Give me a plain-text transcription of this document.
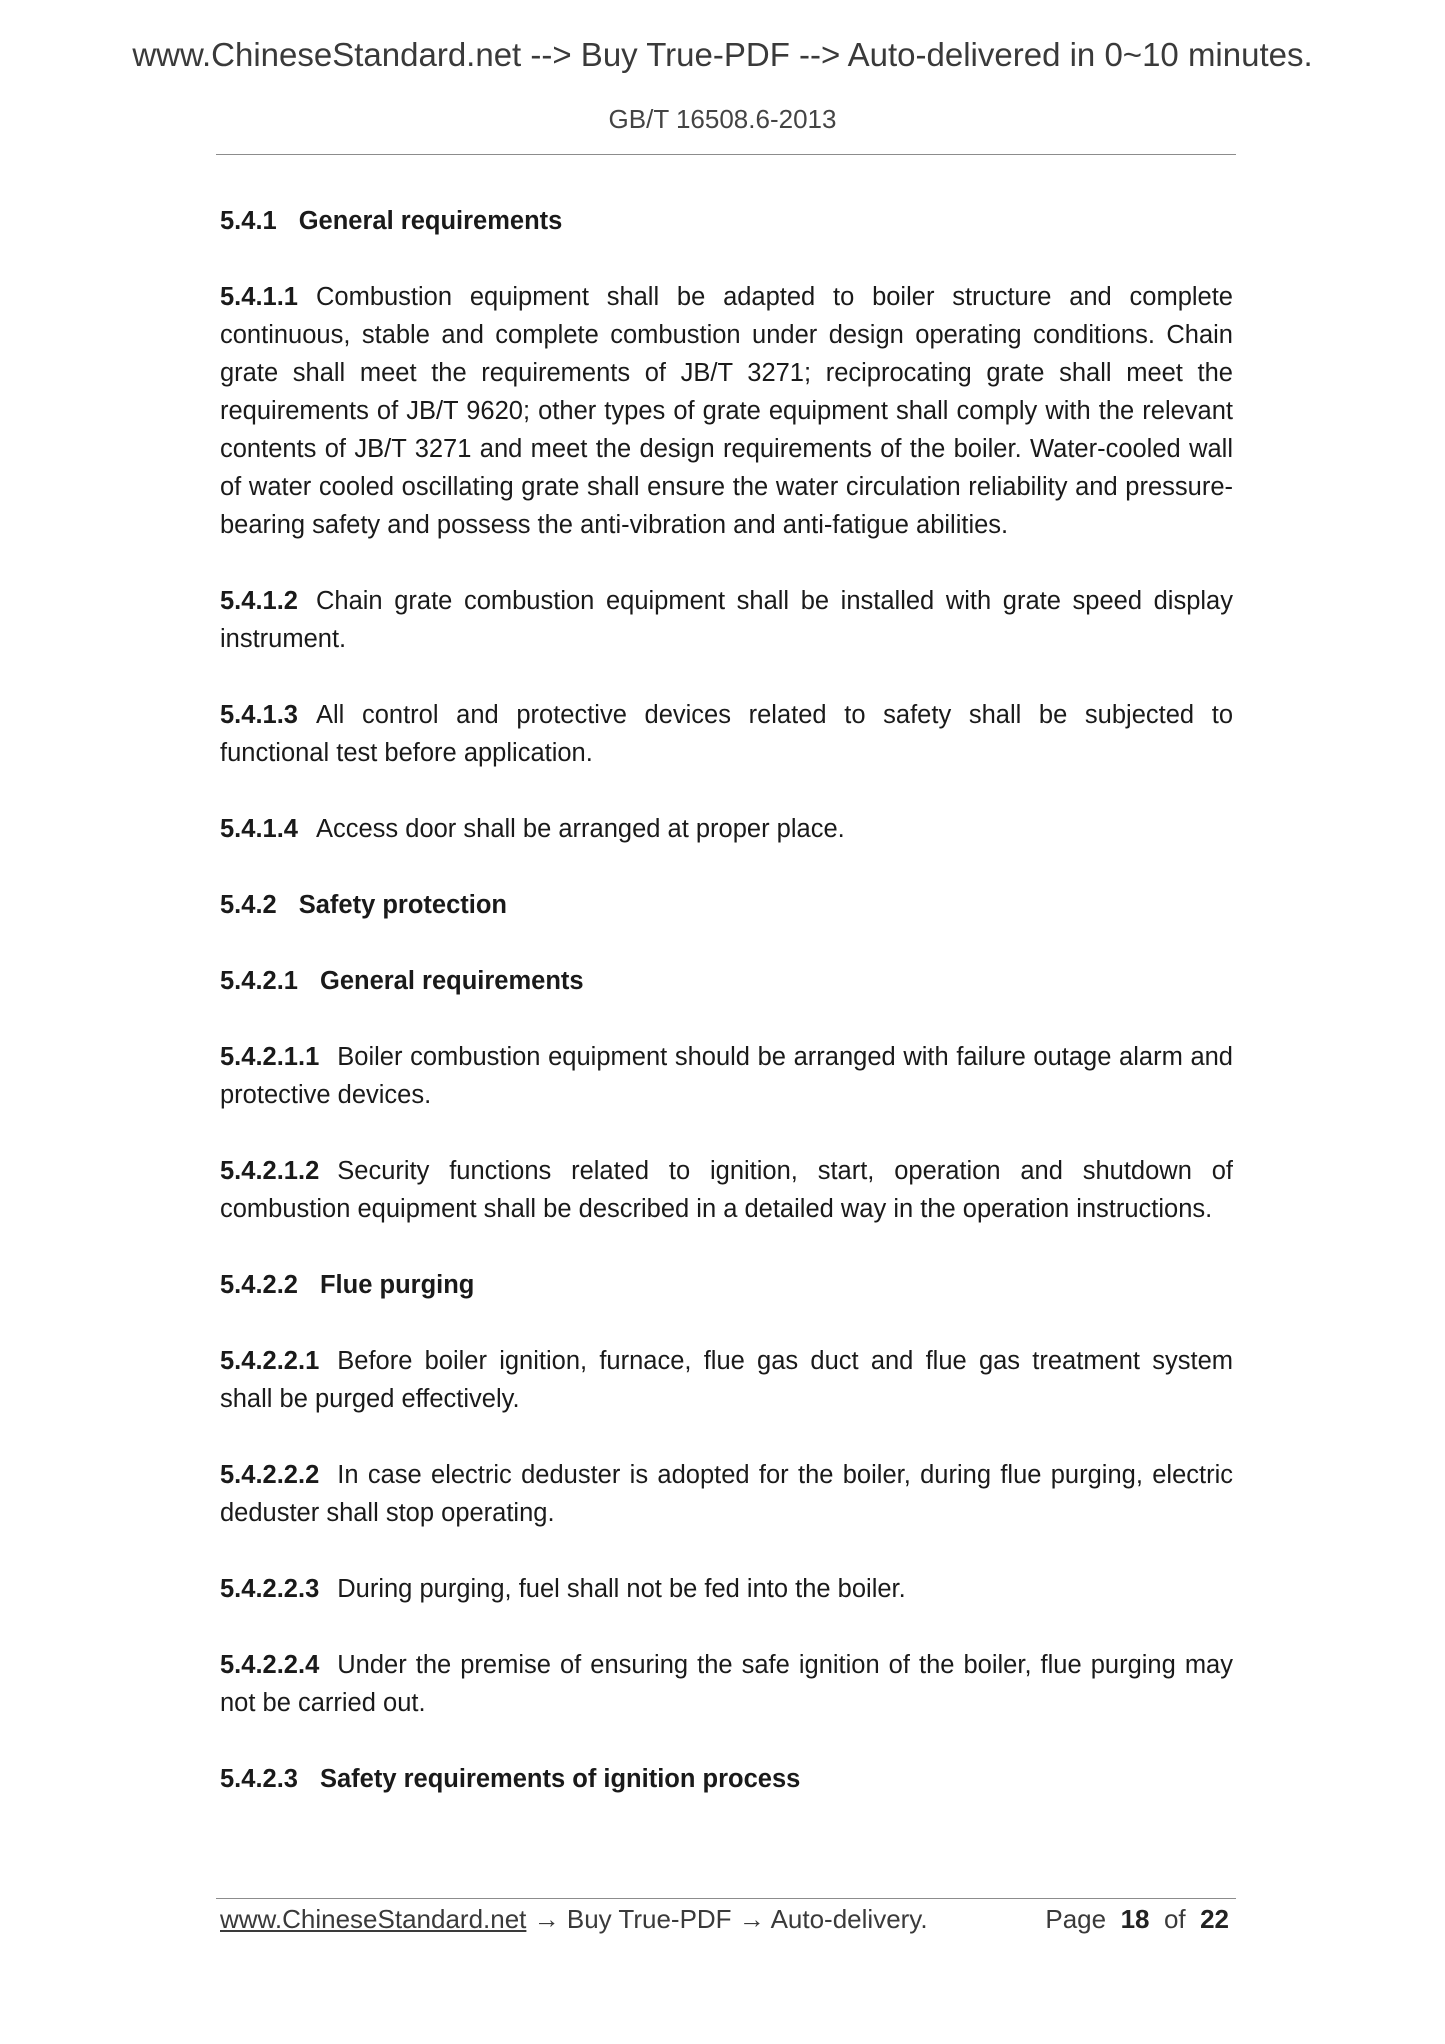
www.ChineseStandard.net --> Buy True-PDF --> Auto-delivered in 0~10 minutes.
GB/T 16508.6-2013

5.4.1 General requirements

5.4.1.1 Combustion equipment shall be adapted to boiler structure and complete continuous, stable and complete combustion under design operating conditions. Chain grate shall meet the requirements of JB/T 3271; reciprocating grate shall meet the requirements of JB/T 9620; other types of grate equipment shall comply with the relevant contents of JB/T 3271 and meet the design requirements of the boiler. Water-cooled wall of water cooled oscillating grate shall ensure the water circulation reliability and pressure-bearing safety and possess the anti-vibration and anti-fatigue abilities.

5.4.1.2 Chain grate combustion equipment shall be installed with grate speed display instrument.

5.4.1.3 All control and protective devices related to safety shall be subjected to functional test before application.

5.4.1.4 Access door shall be arranged at proper place.

5.4.2 Safety protection

5.4.2.1 General requirements

5.4.2.1.1 Boiler combustion equipment should be arranged with failure outage alarm and protective devices.

5.4.2.1.2 Security functions related to ignition, start, operation and shutdown of combustion equipment shall be described in a detailed way in the operation instructions.

5.4.2.2 Flue purging

5.4.2.2.1 Before boiler ignition, furnace, flue gas duct and flue gas treatment system shall be purged effectively.

5.4.2.2.2 In case electric deduster is adopted for the boiler, during flue purging, electric deduster shall stop operating.

5.4.2.2.3 During purging, fuel shall not be fed into the boiler.

5.4.2.2.4 Under the premise of ensuring the safe ignition of the boiler, flue purging may not be carried out.

5.4.2.3 Safety requirements of ignition process

www.ChineseStandard.net → Buy True-PDF → Auto-delivery.	Page 18 of 22
